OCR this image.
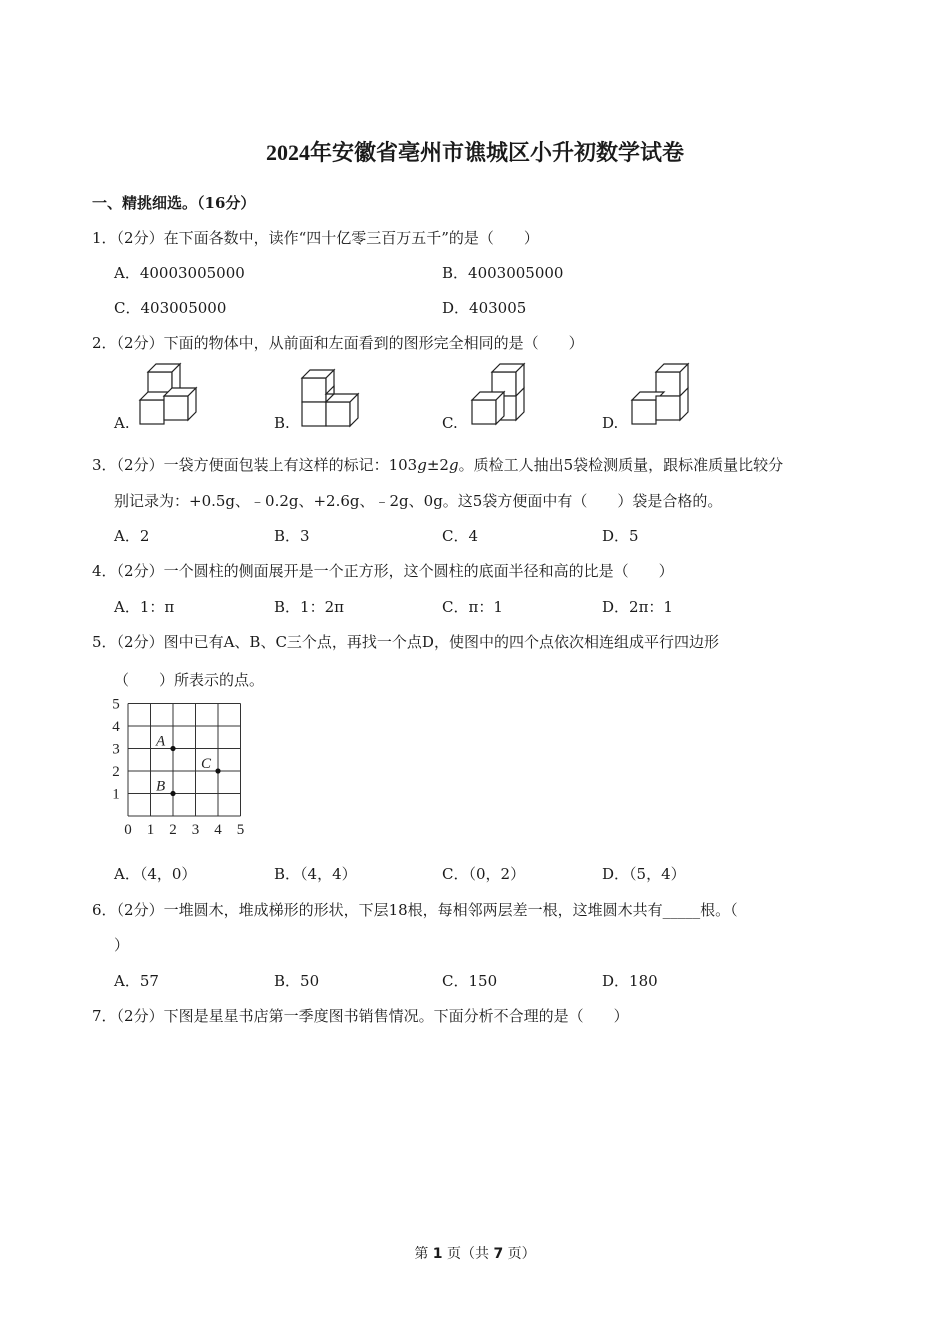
2024年安徽省亳州市谯城区小升初数学试卷
一、精挑细选。（16分）
1．（2分）在下面各数中，读作“四十亿零三百万五千”的是（　　）
A．40003005000	B．4003005000
C．403005000	D．403005
2．（2分）下面的物体中，从前面和左面看到的图形完全相同的是（　　）
A.	B.	C.	D.
3．（2分）一袋方便面包装上有这样的标记：103g±2g。质检工人抽出5袋检测质量，跟标准质量比较分
别记录为：+0.5g、﹣0.2g、+2.6g、﹣2g、0g。这5袋方便面中有（　　）袋是合格的。
A．2	B．3	C．4	D．5
4．（2分）一个圆柱的侧面展开是一个正方形，这个圆柱的底面半径和高的比是（　　）
A．1：π	B．1：2π	C．π：1	D．2π：1
5．（2分）图中已有A、B、C三个点，再找一个点D，使图中的四个点依次相连组成平行四边形
（　　）所表示的点。
0 1 2 3 4 5
5
4
3
2
1
A
B
C
A．（4，0）	B．（4，4）	C．（0，2）	D．（5，4）
6．（2分）一堆圆木，堆成梯形的形状，下层18根，每相邻两层差一根，这堆圆木共有_____根。（
）
A．57	B．50	C．150	D．180
7．（2分）下图是星星书店第一季度图书销售情况。下面分析不合理的是（　　）
第 1 页（共 7 页）
